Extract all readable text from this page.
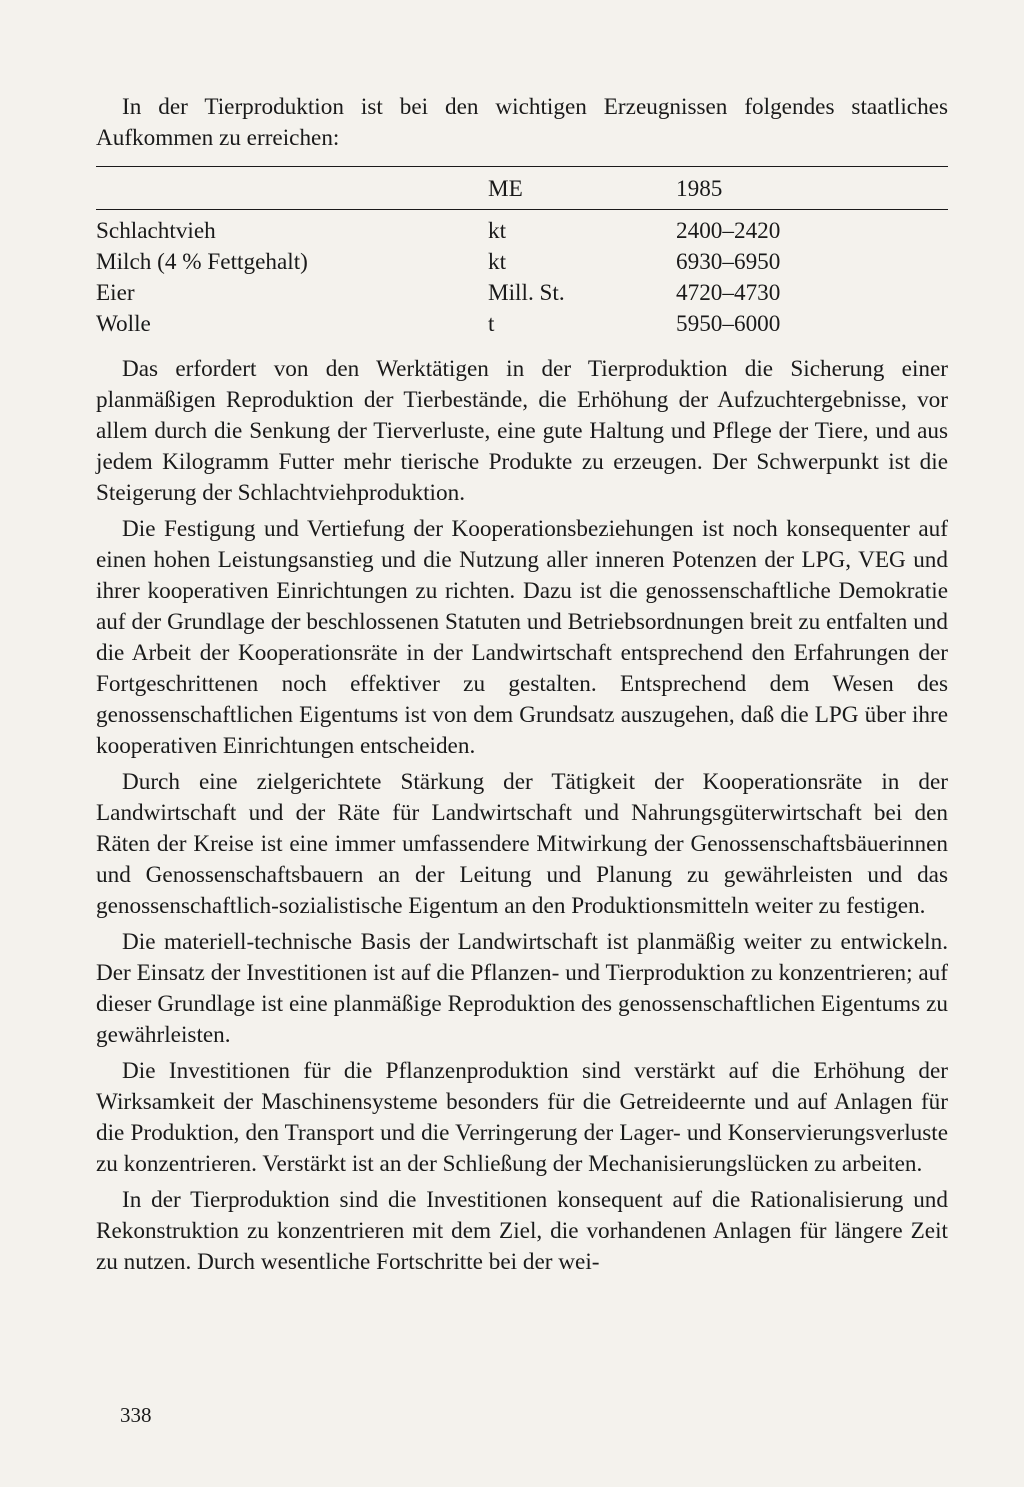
In der Tierproduktion ist bei den wichtigen Erzeugnissen folgendes staatliches Aufkommen zu erreichen:

	ME	1985
Schlachtvieh	kt	2400–2420
Milch (4 % Fettgehalt)	kt	6930–6950
Eier	Mill. St.	4720–4730
Wolle	t	5950–6000

Das erfordert von den Werktätigen in der Tierproduktion die Sicherung einer planmäßigen Reproduktion der Tierbestände, die Erhöhung der Aufzuchtergebnisse, vor allem durch die Senkung der Tierverluste, eine gute Haltung und Pflege der Tiere, und aus jedem Kilogramm Futter mehr tierische Produkte zu erzeugen. Der Schwerpunkt ist die Steigerung der Schlachtviehproduktion.

Die Festigung und Vertiefung der Kooperationsbeziehungen ist noch konsequenter auf einen hohen Leistungsanstieg und die Nutzung aller inneren Potenzen der LPG, VEG und ihrer kooperativen Einrichtungen zu richten. Dazu ist die genossenschaftliche Demokratie auf der Grundlage der beschlossenen Statuten und Betriebsordnungen breit zu entfalten und die Arbeit der Kooperationsräte in der Landwirtschaft entsprechend den Erfahrungen der Fortgeschrittenen noch effektiver zu gestalten. Entsprechend dem Wesen des genossenschaftlichen Eigentums ist von dem Grundsatz auszugehen, daß die LPG über ihre kooperativen Einrichtungen entscheiden.

Durch eine zielgerichtete Stärkung der Tätigkeit der Kooperationsräte in der Landwirtschaft und der Räte für Landwirtschaft und Nahrungsgüterwirtschaft bei den Räten der Kreise ist eine immer umfassendere Mitwirkung der Genossenschaftsbäuerinnen und Genossenschaftsbauern an der Leitung und Planung zu gewährleisten und das genossenschaftlich-sozialistische Eigentum an den Produktionsmitteln weiter zu festigen.

Die materiell-technische Basis der Landwirtschaft ist planmäßig weiter zu entwickeln. Der Einsatz der Investitionen ist auf die Pflanzen- und Tierproduktion zu konzentrieren; auf dieser Grundlage ist eine planmäßige Reproduktion des genossenschaftlichen Eigentums zu gewährleisten.

Die Investitionen für die Pflanzenproduktion sind verstärkt auf die Erhöhung der Wirksamkeit der Maschinensysteme besonders für die Getreideernte und auf Anlagen für die Produktion, den Transport und die Verringerung der Lager- und Konservierungsverluste zu konzentrieren. Verstärkt ist an der Schließung der Mechanisierungslücken zu arbeiten.

In der Tierproduktion sind die Investitionen konsequent auf die Rationalisierung und Rekonstruktion zu konzentrieren mit dem Ziel, die vorhandenen Anlagen für längere Zeit zu nutzen. Durch wesentliche Fortschritte bei der wei-

338
